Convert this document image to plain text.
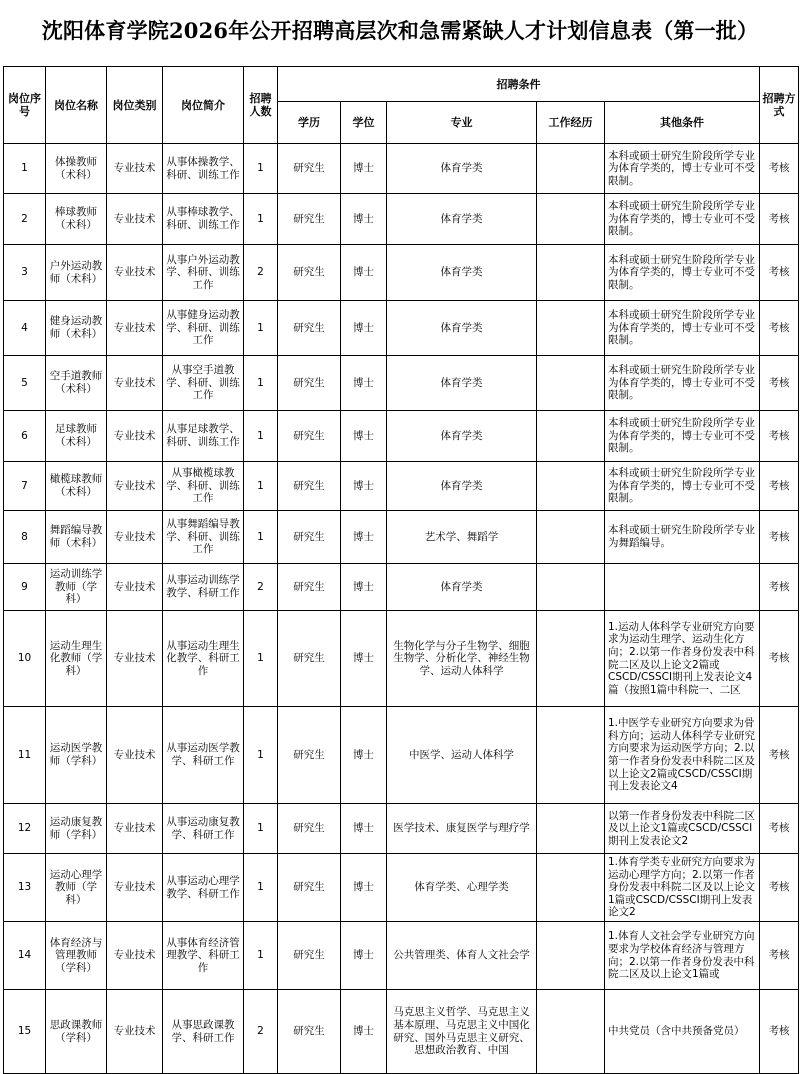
沈阳体育学院2026年公开招聘高层次和急需紧缺人才计划信息表（第一批）
岗位序号	岗位名称	岗位类别	岗位简介	招聘人数	招聘条件					招聘方式
					学历	学位	专业	工作经历	其他条件	
1	体操教师（术科）	专业技术	从事体操教学、科研、训练工作	1	研究生	博士	体育学类		本科或硕士研究生阶段所学专业为体育学类的，博士专业可不受限制。	考核
2	棒球教师（术科）	专业技术	从事棒球教学、科研、训练工作	1	研究生	博士	体育学类		本科或硕士研究生阶段所学专业为体育学类的，博士专业可不受限制。	考核
3	户外运动教师（术科）	专业技术	从事户外运动教学、科研、训练工作	2	研究生	博士	体育学类		本科或硕士研究生阶段所学专业为体育学类的，博士专业可不受限制。	考核
4	健身运动教师（术科）	专业技术	从事健身运动教学、科研、训练工作	1	研究生	博士	体育学类		本科或硕士研究生阶段所学专业为体育学类的，博士专业可不受限制。	考核
5	空手道教师（术科）	专业技术	从事空手道教学、科研、训练工作	1	研究生	博士	体育学类		本科或硕士研究生阶段所学专业为体育学类的，博士专业可不受限制。	考核
6	足球教师（术科）	专业技术	从事足球教学、科研、训练工作	1	研究生	博士	体育学类		本科或硕士研究生阶段所学专业为体育学类的，博士专业可不受限制。	考核
7	橄榄球教师（术科）	专业技术	从事橄榄球教学、科研、训练工作	1	研究生	博士	体育学类		本科或硕士研究生阶段所学专业为体育学类的，博士专业可不受限制。	考核
8	舞蹈编导教师（术科）	专业技术	从事舞蹈编导教学、科研、训练工作	1	研究生	博士	艺术学、舞蹈学		本科或硕士研究生阶段所学专业为舞蹈编导。	考核
9	运动训练学教师（学科）	专业技术	从事运动训练学教学、科研工作	2	研究生	博士	体育学类			考核
10	运动生理生化教师（学科）	专业技术	从事运动生理生化教学、科研工作	1	研究生	博士	生物化学与分子生物学、细胞生物学、分析化学、神经生物学、运动人体科学		1.运动人体科学专业研究方向要求为运动生理学、运动生化方向；2.以第一作者身份发表中科院二区及以上论文2篇或CSCD/CSSCI期刊上发表论文4篇（按照1篇中科院一、二区	考核
11	运动医学教师（学科）	专业技术	从事运动医学教学、科研工作	1	研究生	博士	中医学、运动人体科学		1.中医学专业研究方向要求为骨科方向；运动人体科学专业研究方向要求为运动医学方向；2.以第一作者身份发表中科院二区及以上论文2篇或CSCD/CSSCI期刊上发表论文4	考核
12	运动康复教师（学科）	专业技术	从事运动康复教学、科研工作	1	研究生	博士	医学技术、康复医学与理疗学		以第一作者身份发表中科院二区及以上论文1篇或CSCD/CSSCI期刊上发表论文2	考核
13	运动心理学教师（学科）	专业技术	从事运动心理学教学、科研工作	1	研究生	博士	体育学类、心理学类		1.体育学类专业研究方向要求为运动心理学方向；2.以第一作者身份发表中科院二区及以上论文1篇或CSCD/CSSCI期刊上发表论文2	考核
14	体育经济与管理教师（学科）	专业技术	从事体育经济管理教学、科研工作	1	研究生	博士	公共管理类、体育人文社会学		1.体育人文社会学专业研究方向要求为学校体育经济与管理方向；2.以第一作者身份发表中科院二区及以上论文1篇或	考核
15	思政课教师（学科）	专业技术	从事思政课教学、科研工作	2	研究生	博士	马克思主义哲学、马克思主义基本原理、马克思主义中国化研究、国外马克思主义研究、思想政治教育、中国		中共党员（含中共预备党员）	考核
